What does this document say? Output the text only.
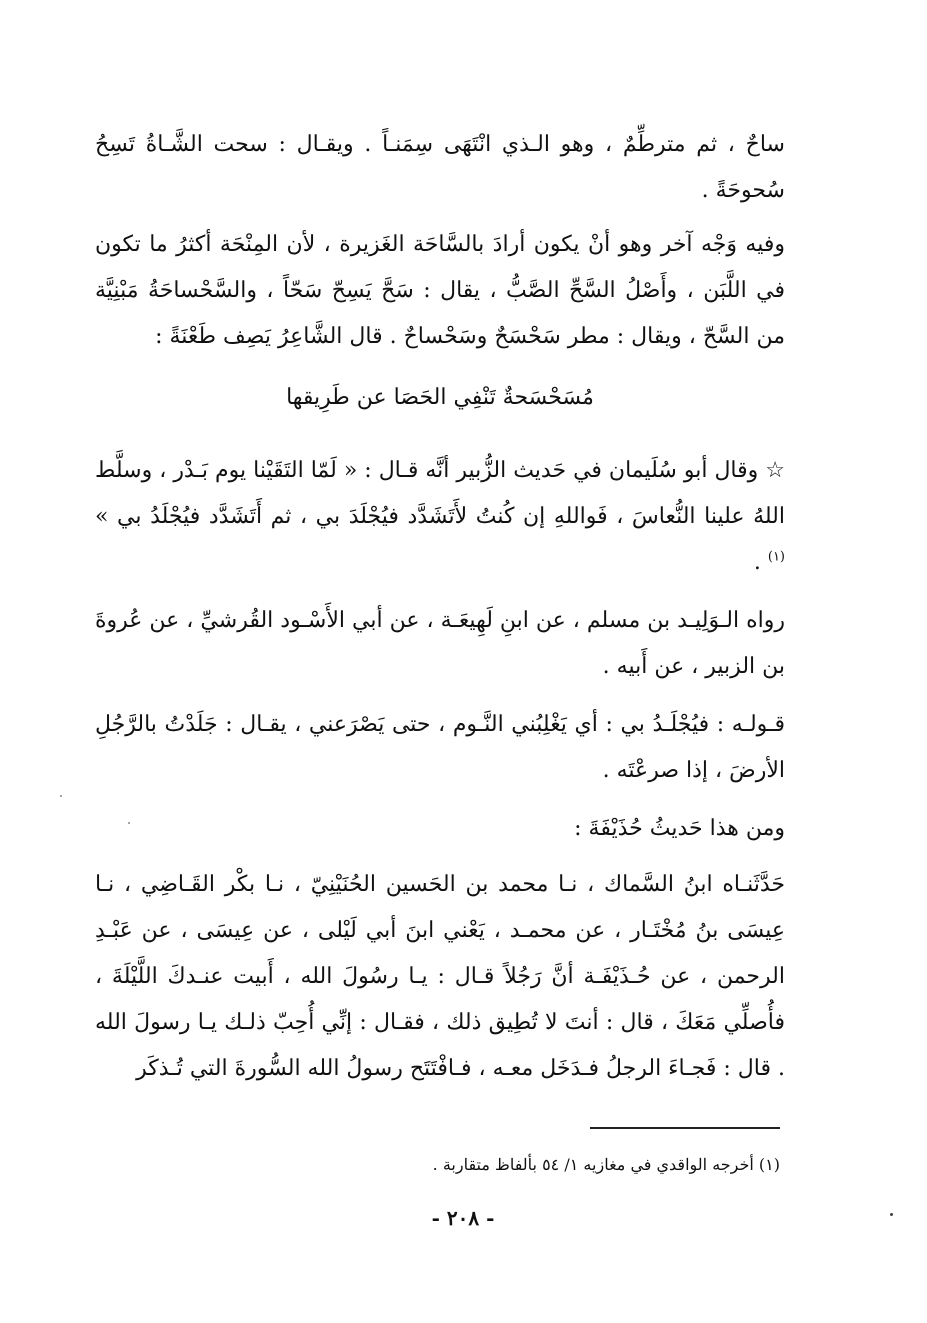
ساحٌ ، ثم مترطِّمٌ ، وهو الـذي انْتَهَى سِمَنـاً . ويقـال : سحت الشَّـاةُ تَسِحُ سُحوحَةً .
وفيه وَجْه آخر وهو أنْ يكون أرادَ بالسَّاحَة الغَزيرة ، لأن المِنْحَة أكثرُ ما تكون في اللَّبَن ، وأَصْلُ السَّحِّ الصَّبُّ ، يقال : سَحَّ يَسِحّ سَحّاً ، والسَّحْساحَةُ مَبْنِيَّة من السَّحّ ، ويقال : مطر سَحْسَحٌ وسَحْساحٌ . قال الشَّاعِرُ يَصِف طَعْنَةً :
مُسَحْسَحةٌ تَنْفِي الحَصَا عن طَرِيقها
☆ وقال أبو سُلَيمان في حَديث الزُّبير أنَّه قـال : « لَمّا التَقَيْنا يوم بَـدْر ، وسلَّط اللهُ علينا النُّعاسَ ، فَواللهِ إن كُنتُ لأَتَشَدَّد فيُجْلَدَ بي ، ثم أَتَشَدَّد فيُجْلَدُ بي » $^{(١)}$ .
رواه الـوَلِيـد بن مسلم ، عن ابنِ لَهِيعَـة ، عن أبي الأَسْـود القُرشيِّ ، عن عُروةَ بن الزبير ، عن أَبيه .
قـولـه : فيُجْلَـدُ بي : أي يَغْلِبُني النَّـوم ، حتى يَصْرَعني ، يقـال : جَلَدْتُ بالرَّجُلِ الأرضَ ، إذا صرعْتَه .
ومن هذا حَديثُ حُذَيْفَةَ :
حَدَّثَنـاه ابنُ السَّماك ، نـا محمد بن الحَسين الحُنَيْنِيّ ، نـا بكْر القَـاضِي ، نـا عِيسَى بنُ مُخْتَـار ، عن محمـد ، يَعْني ابنَ أبي لَيْلى ، عن عِيسَى ، عن عَبْـدِ الرحمن ، عن حُـذَيْفَـة أنَّ رَجُلاً قـال : يـا رسُولَ الله ، أَبيت عنـدكَ اللَّيْلَةَ ، فأُصلِّي مَعَكَ ، قال : أنتَ لا تُطِيق ذلك ، فقـال : إنِّي أُحِبّ ذلـك يـا رسولَ الله . قال : فَجـاءَ الرجلُ فـدَخَل معـه ، فـافْتَتَح رسولُ الله السُّورةَ التي تُـذكَر
(١) أخرجه الواقدي في مغازيه ١/ ٥٤ بألفاظ متقاربة .
- ٢٠٨ -
